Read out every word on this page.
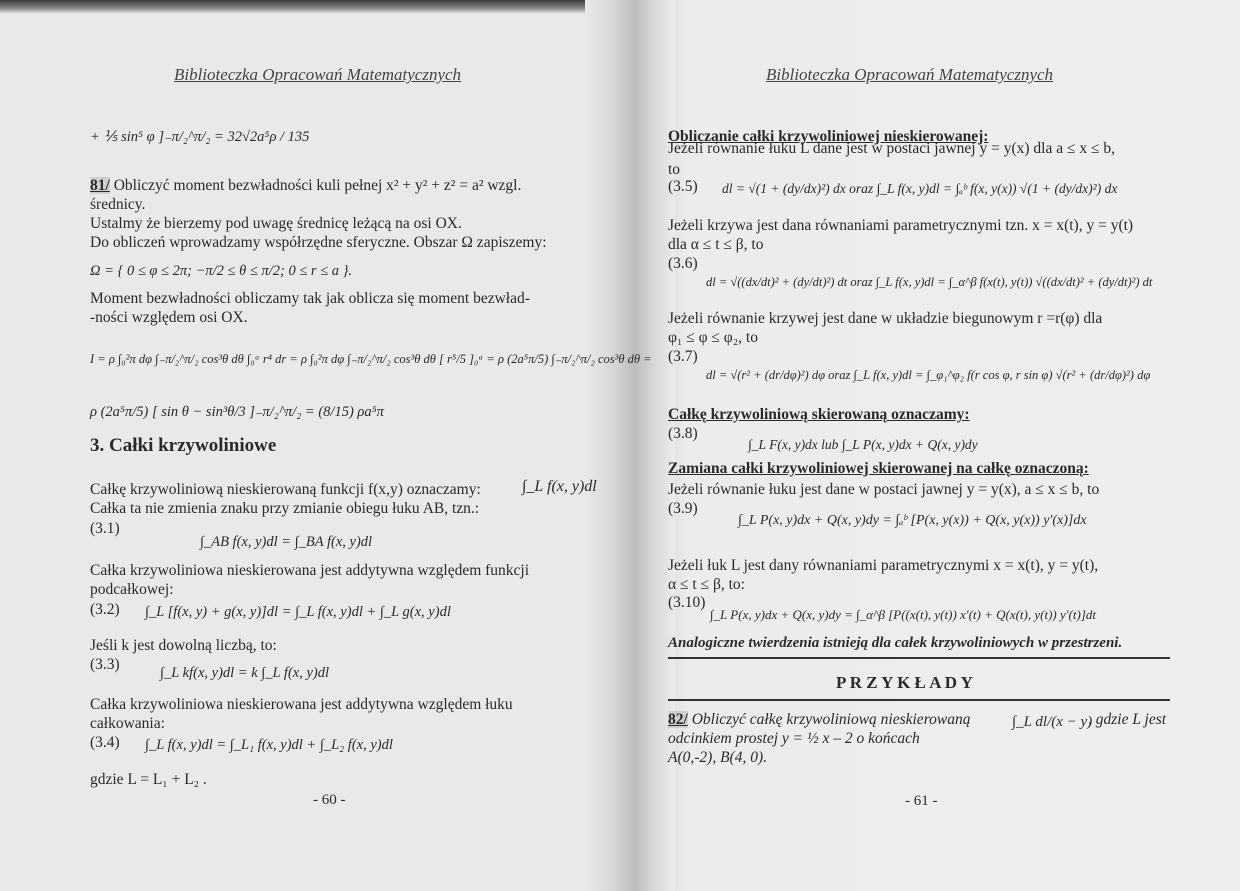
Biblioteczka Opracowań Matematycznych
+ ⅕ sin⁵ φ ]₋π/₂^π/₂ = 32√2a⁵ρ / 135
81/ Obliczyć moment bezwładności kuli pełnej x² + y² + z² = a² wzgl.
średnicy.
Ustalmy że bierzemy pod uwagę średnicę leżącą na osi OX.
Do obliczeń wprowadzamy współrzędne sferyczne. Obszar Ω zapiszemy:
Ω = { 0 ≤ φ ≤ 2π; −π/2 ≤ θ ≤ π/2; 0 ≤ r ≤ a }.
Moment bezwładności obliczamy tak jak oblicza się moment bezwład-
-ności względem osi OX.
I = ρ ∫₀²π dφ ∫₋π/₂^π/₂ cos³θ dθ ∫₀ᵃ r⁴ dr = ρ ∫₀²π dφ ∫₋π/₂^π/₂ cos³θ dθ [ r⁵/5 ]₀ᵃ = ρ (2a⁵π/5) ∫₋π/₂^π/₂ cos³θ dθ =
ρ (2a⁵π/5) [ sin θ − sin³θ/3 ]₋π/₂^π/₂ = (8/15) ρa⁵π
3. Całki krzywoliniowe
Całkę krzywoliniową nieskierowaną funkcji f(x,y) oznaczamy:	∫_L f(x, y)dl
Całka ta nie zmienia znaku przy zmianie obiegu łuku AB, tzn.:
(3.1)
∫_AB f(x, y)dl = ∫_BA f(x, y)dl
Całka krzywoliniowa nieskierowana jest addytywna względem funkcji
podcałkowej:
(3.2) ∫_L [f(x, y) + g(x, y)]dl = ∫_L f(x, y)dl + ∫_L g(x, y)dl
Jeśli k jest dowolną liczbą, to:
(3.3)	∫_L kf(x, y)dl = k ∫_L f(x, y)dl
Całka krzywoliniowa nieskierowana jest addytywna względem łuku
całkowania:
(3.4) ∫_L f(x, y)dl = ∫_L₁ f(x, y)dl + ∫_L₂ f(x, y)dl
gdzie L = L₁ + L₂ .
- 60 -
Biblioteczka Opracowań Matematycznych
Obliczanie całki krzywoliniowej nieskierowanej:
Jeżeli równanie łuku L dane jest w postaci jawnej y = y(x) dla a ≤ x ≤ b,
to
(3.5) dl = √(1 + (dy/dx)²) dx oraz ∫_L f(x, y)dl = ∫ₐᵇ f(x, y(x)) √(1 + (dy/dx)²) dx
Jeżeli krzywa jest dana równaniami parametrycznymi tzn. x = x(t), y = y(t)
dla α ≤ t ≤ β, to
(3.6)
dl = √((dx/dt)² + (dy/dt)²) dt oraz ∫_L f(x, y)dl = ∫_α^β f(x(t), y(t)) √((dx/dt)² + (dy/dt)²) dt
Jeżeli równanie krzywej jest dane w układzie biegunowym r =r(φ) dla
φ₁ ≤ φ ≤ φ₂, to
(3.7)
dl = √(r² + (dr/dφ)²) dφ oraz ∫_L f(x, y)dl = ∫_φ₁^φ₂ f(r cos φ, r sin φ) √(r² + (dr/dφ)²) dφ
Całkę krzywoliniową skierowaną oznaczamy:
(3.8)
∫_L F(x, y)dx lub ∫_L P(x, y)dx + Q(x, y)dy
Zamiana całki krzywoliniowej skierowanej na całkę oznaczoną:
Jeżeli równanie łuku jest dane w postaci jawnej y = y(x), a ≤ x ≤ b, to
(3.9)
∫_L P(x, y)dx + Q(x, y)dy = ∫ₐᵇ [P(x, y(x)) + Q(x, y(x)) y'(x)]dx
Jeżeli łuk L jest dany równaniami parametrycznymi x = x(t), y = y(t),
α ≤ t ≤ β, to:
(3.10)
∫_L P(x, y)dx + Q(x, y)dy = ∫_α^β [P((x(t), y(t)) x'(t) + Q(x(t), y(t)) y'(t)]dt
Analogiczne twierdzenia istnieją dla całek krzywoliniowych w przestrzeni.
P R Z Y K Ł A D Y
82/ Obliczyć całkę krzywoliniową nieskierowaną	∫_L dl/(x − y)
, gdzie L jest
odcinkiem prostej y = ½ x – 2 o końcach
A(0,-2), B(4, 0).
- 61 -
